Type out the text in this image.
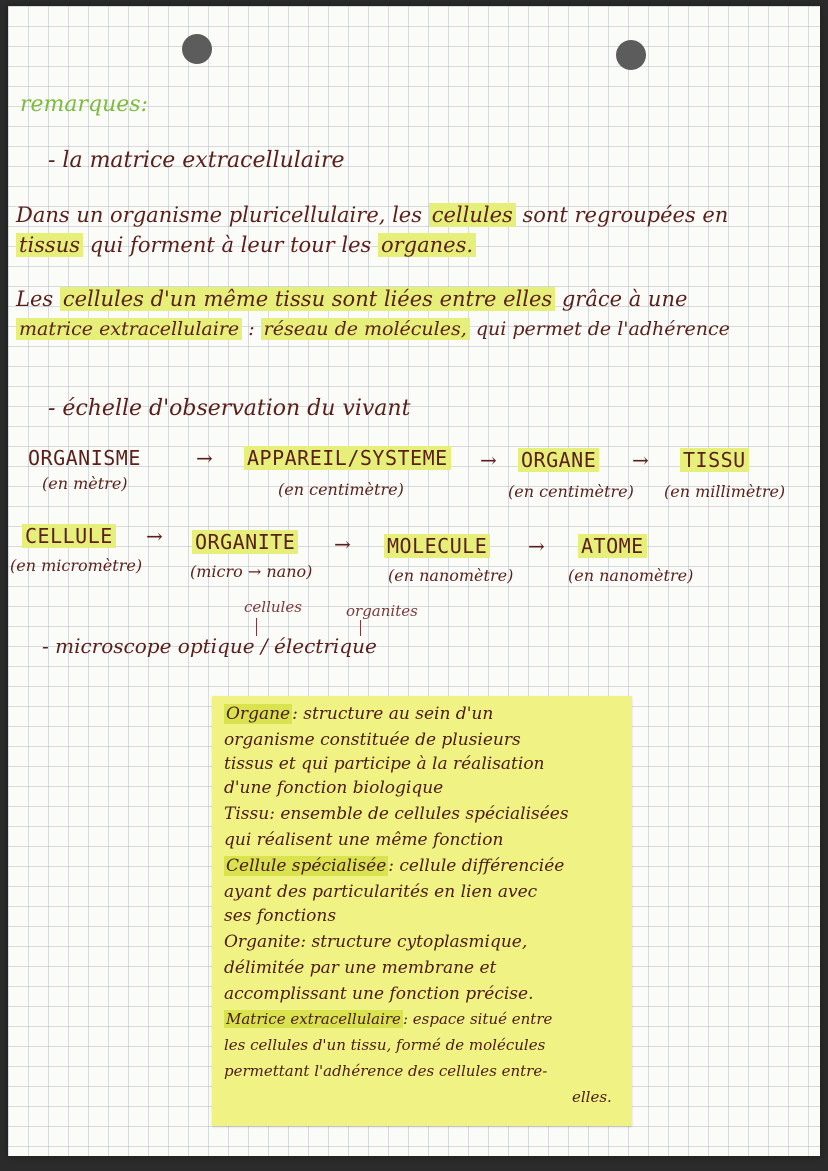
remarques:
- la matrice extracellulaire
Dans un organisme pluricellulaire, les cellules sont regroupées en
tissus qui forment à leur tour les organes.
Les cellules d'un même tissu sont liées entre elles grâce à une
matrice extracellulaire : réseau de molécules, qui permet de l'adhérence
- échelle d'observation du vivant
ORGANISME
(en mètre)
→ APPAREIL/SYSTEME
(en centimètre)
→ ORGANE
(en centimètre)
→ TISSU
(en millimètre)
CELLULE
(en micromètre)
→ ORGANITE
(micro → nano)
→ MOLECULE
(en nanomètre)
→ ATOME
(en nanomètre)
cellules	organites
- microscope optique / électrique
Organe : structure au sein d'un
organisme constituée de plusieurs
tissus et qui participe à la réalisation
d'une fonction biologique
Tissu: ensemble de cellules spécialisées
qui réalisent une même fonction
Cellule spécialisée : cellule différenciée
ayant des particularités en lien avec
ses fonctions
Organite: structure cytoplasmique,
délimitée par une membrane et
accomplissant une fonction précise.
Matrice extracellulaire : espace situé entre
les cellules d'un tissu, formé de molécules
permettant l'adhérence des cellules entre-
elles.
